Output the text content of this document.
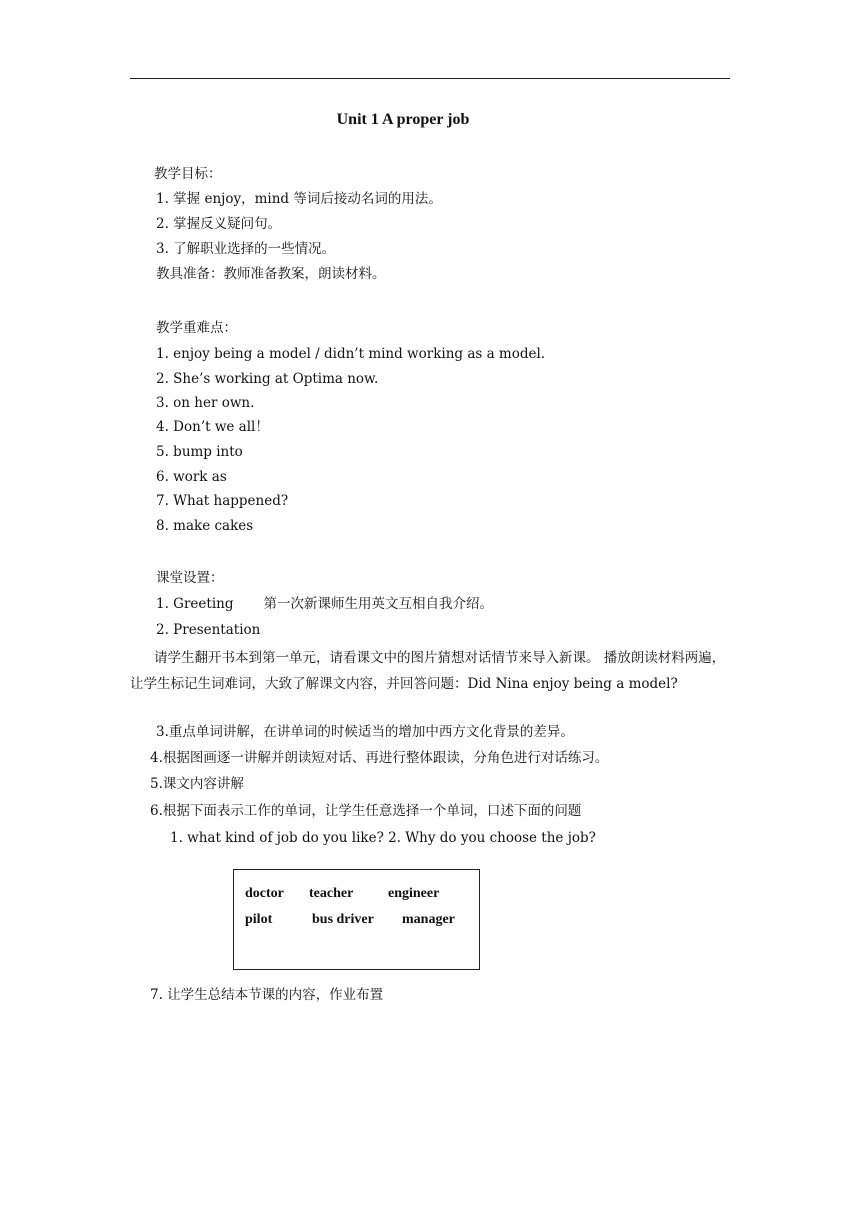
Unit 1 A proper job
教学目标：
1. 掌握 enjoy，mind 等词后接动名词的用法。
2. 掌握反义疑问句。
3. 了解职业选择的一些情况。
教具准备：教师准备教案，朗读材料。
教学重难点：
1. enjoy being a model / didn’t mind working as a model.
2. She’s working at Optima now.
3. on her own.
4. Don’t we all！
5. bump into
6. work as
7. What happened?
8. make cakes
课堂设置：
1. Greeting 第一次新课师生用英文互相自我介绍。
2. Presentation
请学生翻开书本到第一单元，请看课文中的图片猜想对话情节来导入新课。 播放朗读材料两遍，让学生标记生词难词，大致了解课文内容，并回答问题：Did Nina enjoy being a model?
3.重点单词讲解，在讲单词的时候适当的增加中西方文化背景的差异。
4.根据图画逐一讲解并朗读短对话、再进行整体跟读，分角色进行对话练习。
5.课文内容讲解
6.根据下面表示工作的单词，让学生任意选择一个单词，口述下面的问题
1. what kind of job do you like? 2. Why do you choose the job?
doctor teacher engineer
pilot	bus driver manager
7. 让学生总结本节课的内容，作业布置
